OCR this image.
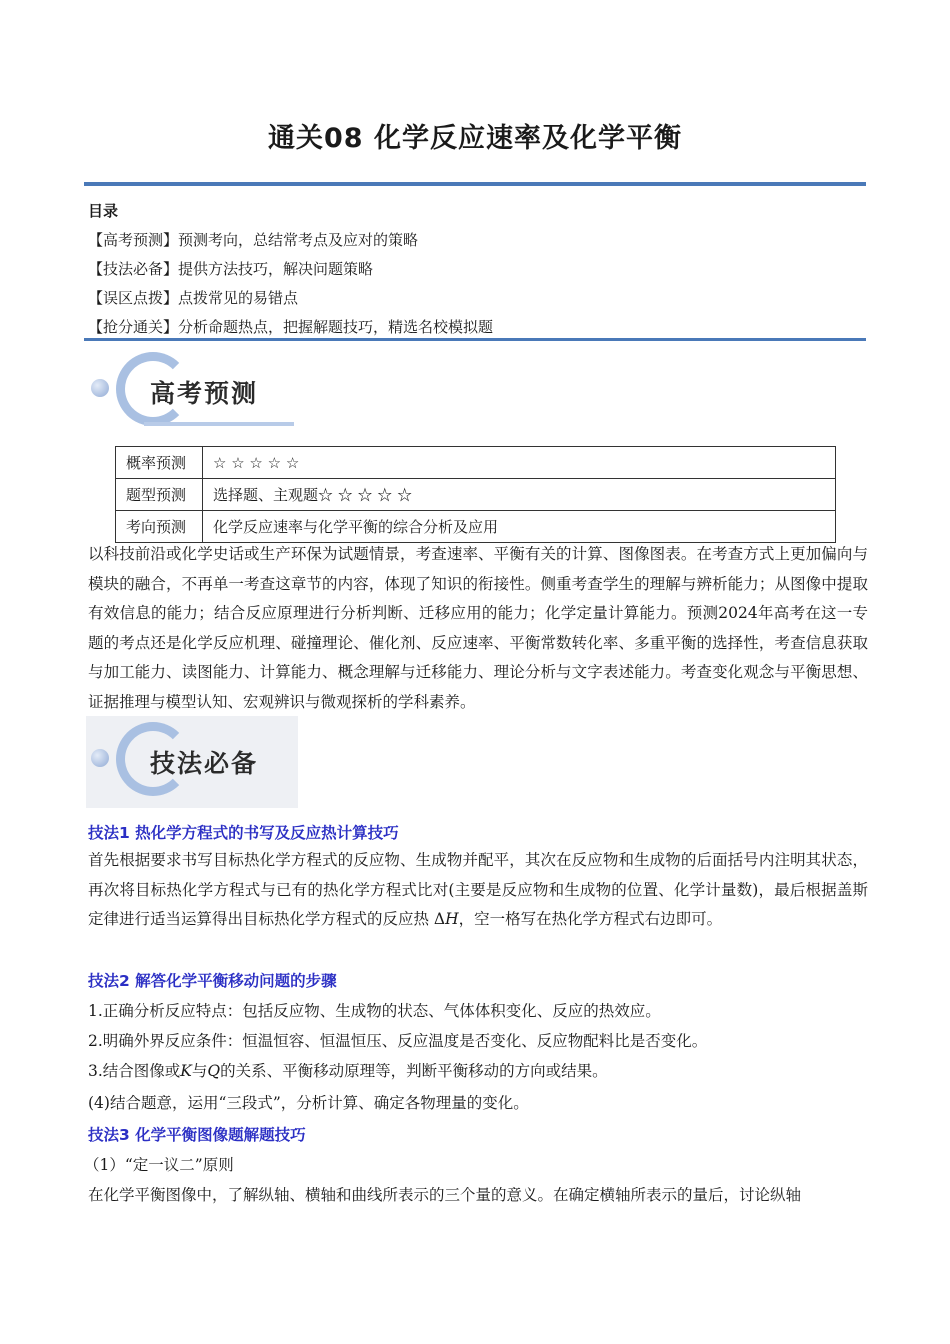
通关08 化学反应速率及化学平衡
目录
【高考预测】预测考向，总结常考点及应对的策略
【技法必备】提供方法技巧，解决问题策略
【误区点拨】点拨常见的易错点
【抢分通关】分析命题热点，把握解题技巧，精选名校模拟题
高考预测
概率预测	☆ ☆ ☆ ☆ ☆
题型预测	选择题、主观题☆ ☆ ☆ ☆ ☆
考向预测	化学反应速率与化学平衡的综合分析及应用
以科技前沿或化学史话或生产环保为试题情景，考查速率、平衡有关的计算、图像图表。在考查方式上更加偏向与模块的融合，不再单一考查这章节的内容，体现了知识的衔接性。侧重考查学生的理解与辨析能力；从图像中提取有效信息的能力；结合反应原理进行分析判断、迁移应用的能力；化学定量计算能力。预测2024年高考在这一专题的考点还是化学反应机理、碰撞理论、催化剂、反应速率、平衡常数转化率、多重平衡的选择性，考查信息获取与加工能力、读图能力、计算能力、概念理解与迁移能力、理论分析与文字表述能力。考查变化观念与平衡思想、证据推理与模型认知、宏观辨识与微观探析的学科素养。
技法必备
技法1 热化学方程式的书写及反应热计算技巧
首先根据要求书写目标热化学方程式的反应物、生成物并配平，其次在反应物和生成物的后面括号内注明其状态，再次将目标热化学方程式与已有的热化学方程式比对(主要是反应物和生成物的位置、化学计量数)，最后根据盖斯定律进行适当运算得出目标热化学方程式的反应热 ΔH，空一格写在热化学方程式右边即可。
技法2 解答化学平衡移动问题的步骤
1.正确分析反应特点：包括反应物、生成物的状态、气体体积变化、反应的热效应。
2.明确外界反应条件：恒温恒容、恒温恒压、反应温度是否变化、反应物配料比是否变化。
3.结合图像或K与Q的关系、平衡移动原理等，判断平衡移动的方向或结果。
(4)结合题意，运用“三段式”，分析计算、确定各物理量的变化。
技法3 化学平衡图像题解题技巧
（1）“定一议二”原则
在化学平衡图像中，了解纵轴、横轴和曲线所表示的三个量的意义。在确定横轴所表示的量后，讨论纵轴
